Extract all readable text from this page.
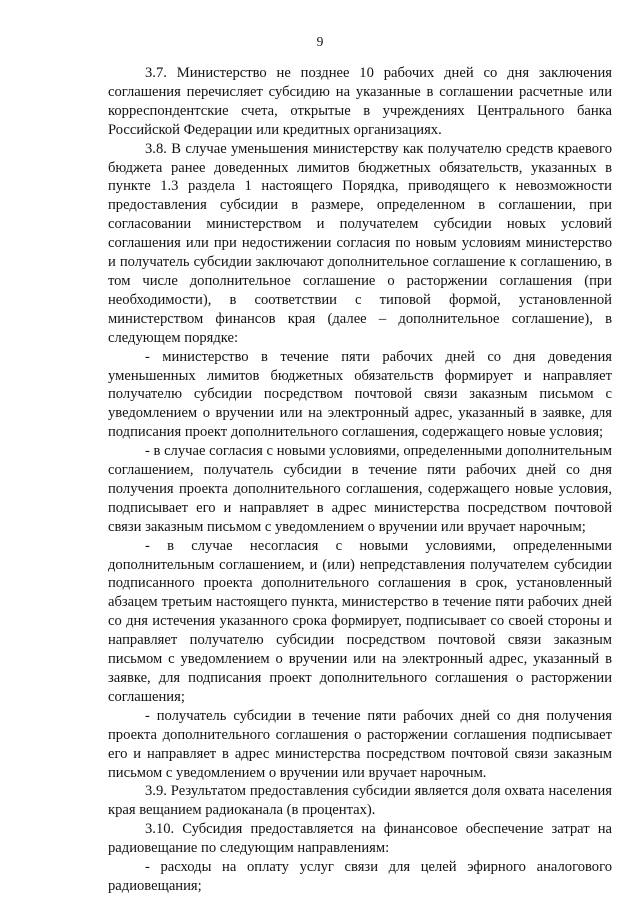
9

3.7. Министерство не позднее 10 рабочих дней со дня заключения соглашения перечисляет субсидию на указанные в соглашении расчетные или корреспондентские счета, открытые в учреждениях Центрального банка Российской Федерации или кредитных организациях.

3.8. В случае уменьшения министерству как получателю средств краевого бюджета ранее доведенных лимитов бюджетных обязательств, указанных в пункте 1.3 раздела 1 настоящего Порядка, приводящего к невозможности предоставления субсидии в размере, определенном в соглашении, при согласовании министерством и получателем субсидии новых условий соглашения или при недостижении согласия по новым условиям министерство и получатель субсидии заключают дополнительное соглашение к соглашению, в том числе дополнительное соглашение о расторжении соглашения (при необходимости), в соответствии с типовой формой, установленной министерством финансов края (далее – дополнительное соглашение), в следующем порядке:

- министерство в течение пяти рабочих дней со дня доведения уменьшенных лимитов бюджетных обязательств формирует и направляет получателю субсидии посредством почтовой связи заказным письмом с уведомлением о вручении или на электронный адрес, указанный в заявке, для подписания проект дополнительного соглашения, содержащего новые условия;

- в случае согласия с новыми условиями, определенными дополнительным соглашением, получатель субсидии в течение пяти рабочих дней со дня получения проекта дополнительного соглашения, содержащего новые условия, подписывает его и направляет в адрес министерства посредством почтовой связи заказным письмом с уведомлением о вручении или вручает нарочным;

- в случае несогласия с новыми условиями, определенными дополнительным соглашением, и (или) непредставления получателем субсидии подписанного проекта дополнительного соглашения в срок, установленный абзацем третьим настоящего пункта, министерство в течение пяти рабочих дней со дня истечения указанного срока формирует, подписывает со своей стороны и направляет получателю субсидии посредством почтовой связи заказным письмом с уведомлением о вручении или на электронный адрес, указанный в заявке, для подписания проект дополнительного соглашения о расторжении соглашения;

- получатель субсидии в течение пяти рабочих дней со дня получения проекта дополнительного соглашения о расторжении соглашения подписывает его и направляет в адрес министерства посредством почтовой связи заказным письмом с уведомлением о вручении или вручает нарочным.

3.9. Результатом предоставления субсидии является доля охвата населения края вещанием радиоканала (в процентах).

3.10. Субсидия предоставляется на финансовое обеспечение затрат на радиовещание по следующим направлениям:

- расходы на оплату услуг связи для целей эфирного аналогового радиовещания;
